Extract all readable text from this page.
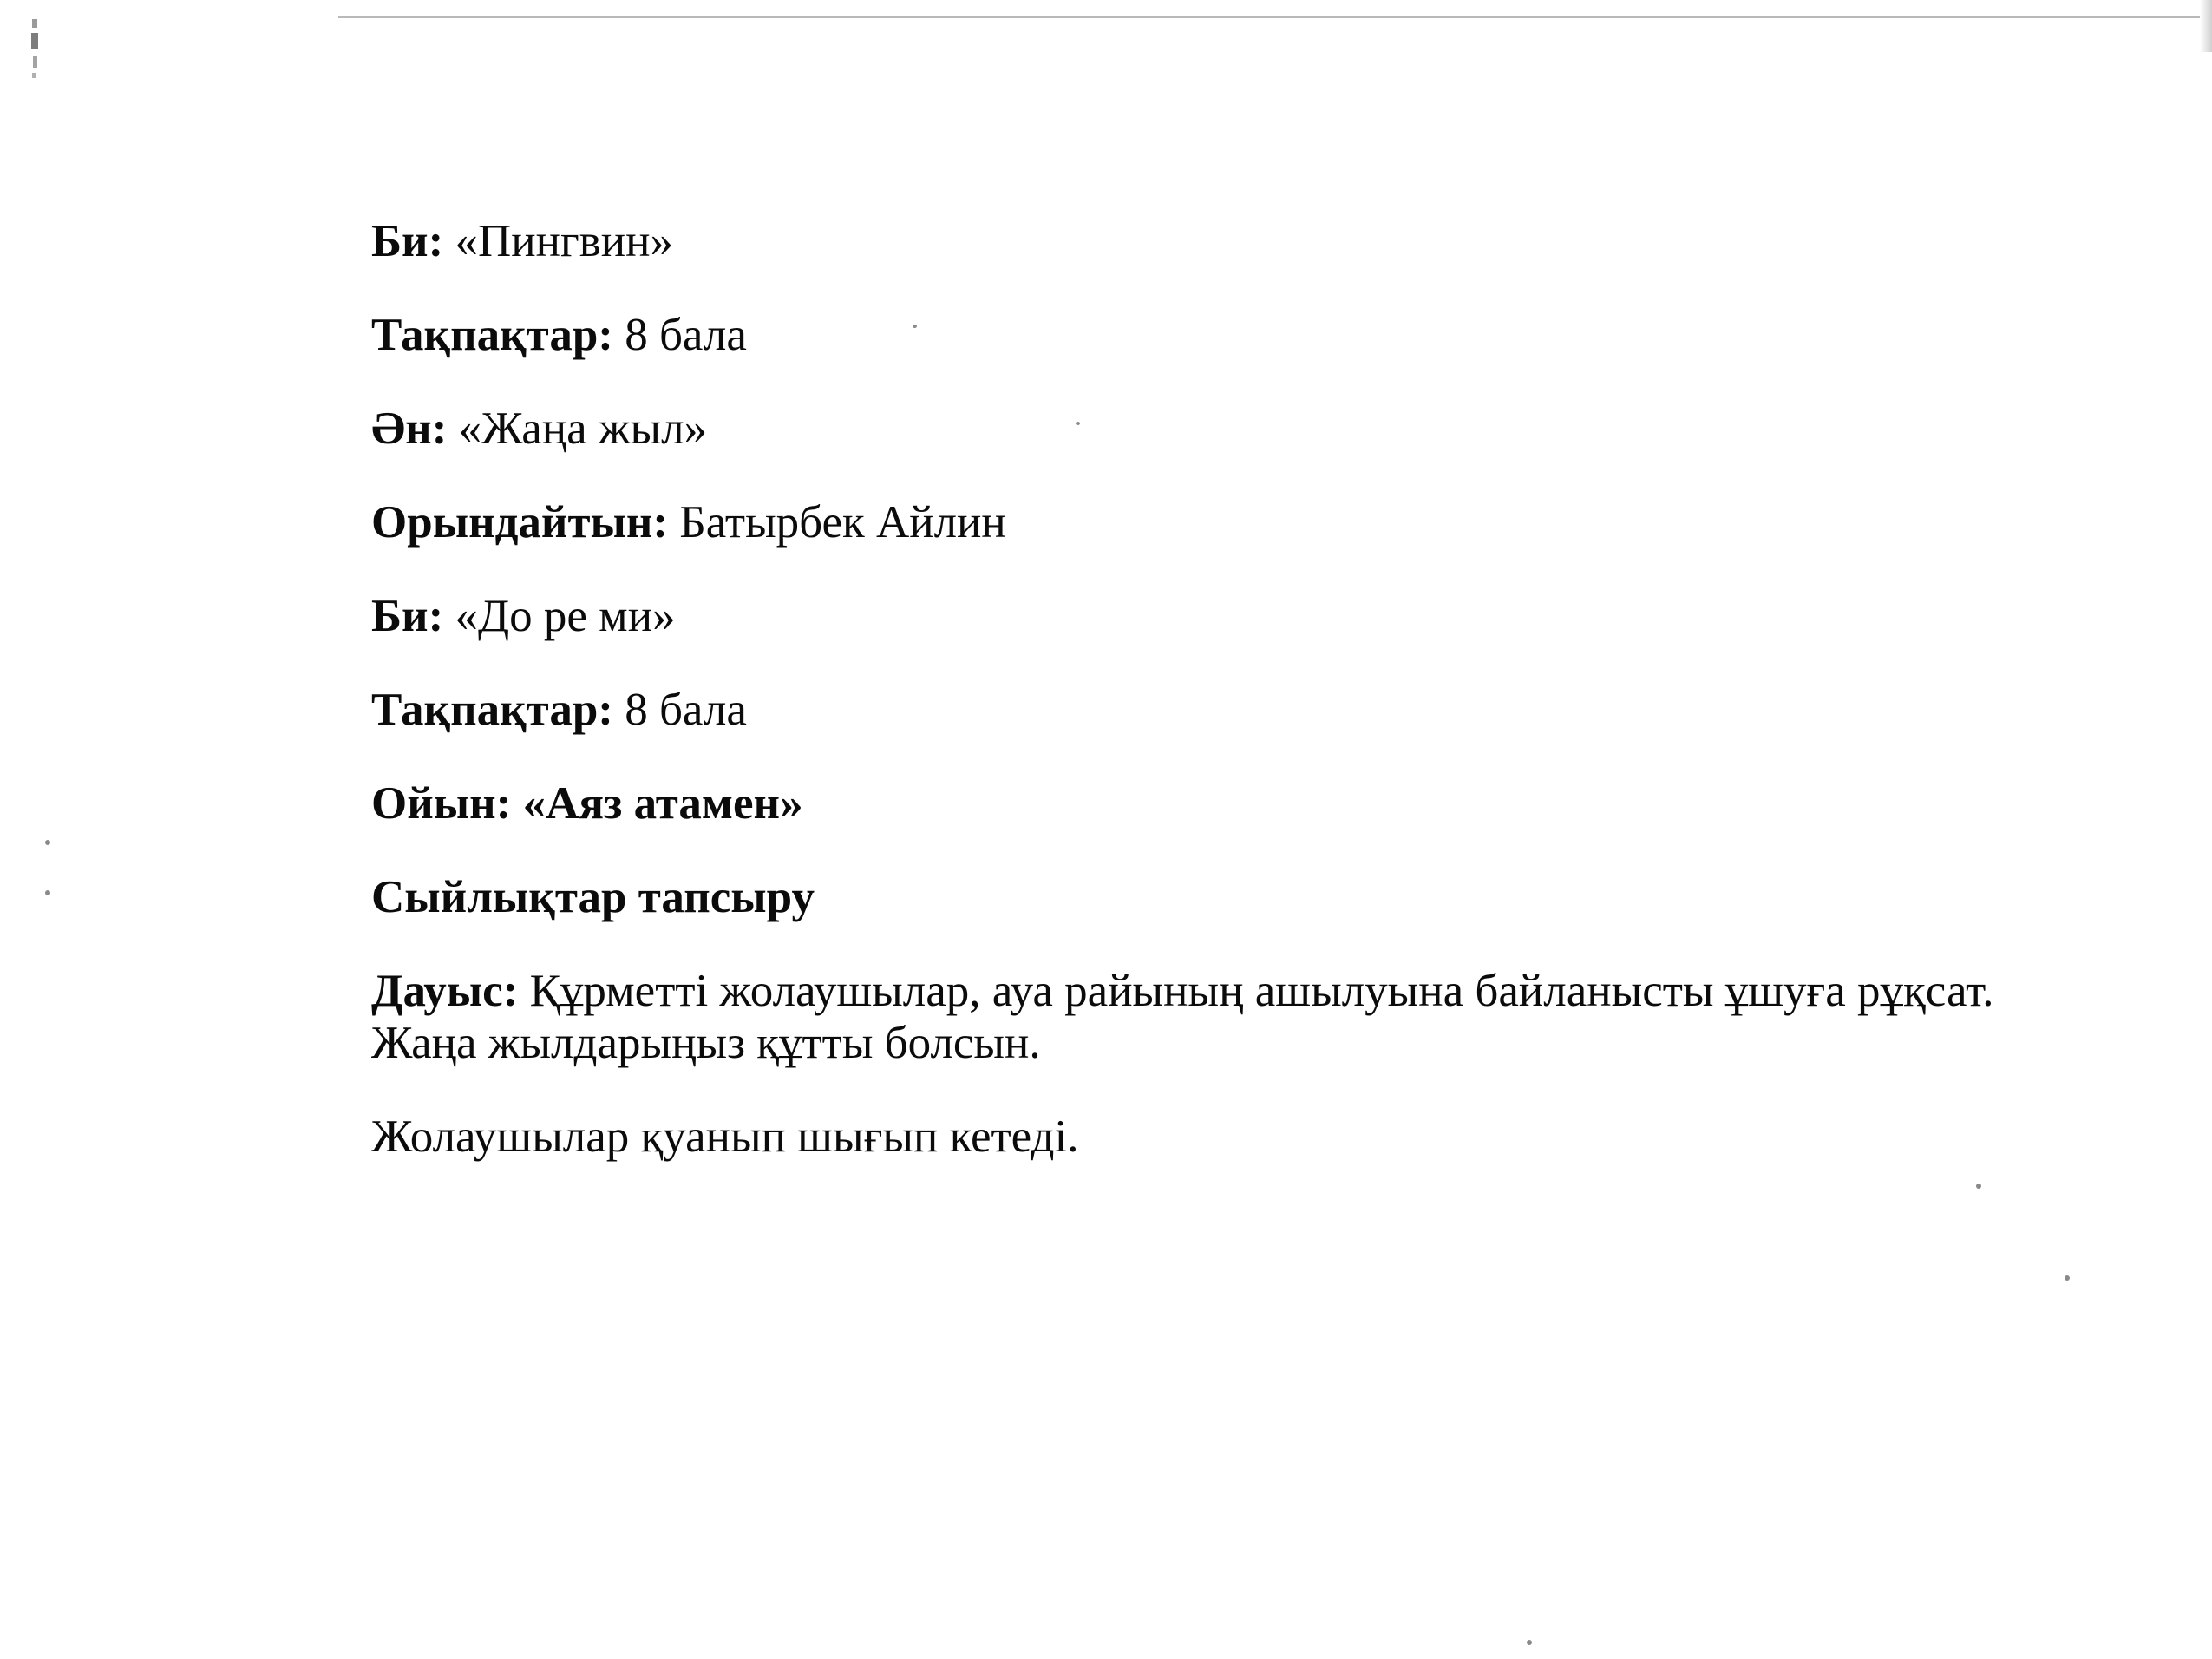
Би: «Пингвин»

Тақпақтар: 8 бала

Ән: «Жаңа жыл»

Орындайтын: Батырбек Айлин

Би: «До ре ми»

Тақпақтар: 8 бала

Ойын: «Аяз атамен»

Сыйлықтар тапсыру

Дауыс: Құрметті жолаушылар, ауа райының ашылуына байланысты ұшуға рұқсат. Жаңа жылдарыңыз құтты болсын.

Жолаушылар қуанып шығып кетеді.
